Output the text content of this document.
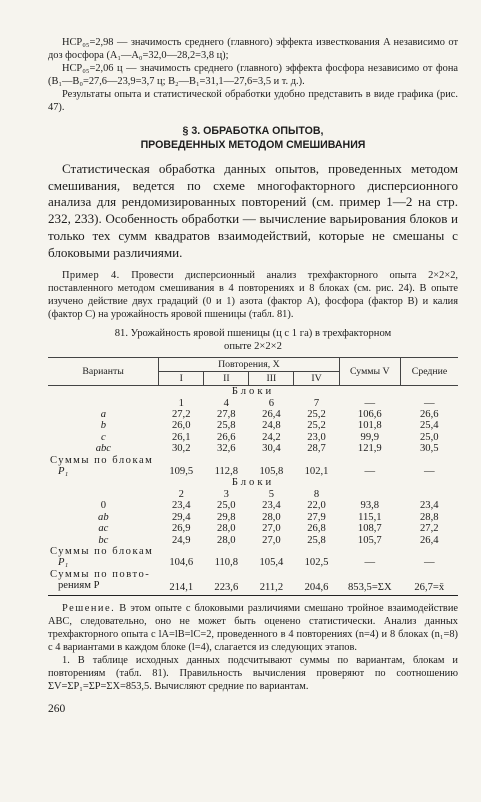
НСР₀₅=2,98 — значимость среднего (главного) эффекта известкования A независимо от доз фосфора (A₁—A₀=32,0—28,2=3,8 ц);

НСР₀₅=2,06 ц — значимость среднего (главного) эффекта фосфора независимо от фона (B₁—B₀=27,6—23,9=3,7 ц; B₂—B₁=31,1—27,6=3,5 и т. д.).

Результаты опыта и статистической обработки удобно представить в виде графика (рис. 47).

§ 3. ОБРАБОТКА ОПЫТОВ,
ПРОВЕДЕННЫХ МЕТОДОМ СМЕШИВАНИЯ

Статистическая обработка данных опытов, проведенных методом смешивания, ведется по схеме многофакторного дисперсионного анализа для рендомизированных повторений (см. пример 1—2 на стр. 232, 233). Особенность обработки — вычисление варьирования блоков и только тех сумм квадратов взаимодействий, которые не смешаны с блоковыми различиями.

Пример 4. Провести дисперсионный анализ трехфакторного опыта 2×2×2, поставленного методом смешивания в 4 повторениях и 8 блоках (см. рис. 24). В опыте изучено действие двух градаций (0 и 1) азота (фактор A), фосфора (фактор B) и калия (фактор C) на урожайность яровой пшеницы (табл. 81).

81. Урожайность яровой пшеницы (ц с 1 га) в трехфакторном
опыте 2×2×2
Варианты	Повторения, X				Суммы V	Средние
	I	II	III	IV		
Блоки						
	1	4	6	7	—	—
a	27,2	27,8	26,4	25,2	106,6	26,6
b	26,0	25,8	24,8	25,2	101,8	25,4
c	26,1	26,6	24,2	23,0	99,9	25,0
abc	30,2	32,6	30,4	28,7	121,9	30,5
Суммы по блокам						
P₁	109,5	112,8	105,8	102,1	—	—
Блоки						
	2	3	5	8		
0	23,4	25,0	23,4	22,0	93,8	23,4
ab	29,4	29,8	28,0	27,9	115,1	28,8
ac	26,9	28,0	27,0	26,8	108,7	27,2
bc	24,9	28,0	27,0	25,8	105,7	26,4
Суммы по блокам						
P₁	104,6	110,8	105,4	102,5	—	—
Суммы по повто-						
рениям P	214,1	223,6	211,2	204,6	853,5=ΣX	26,7=x̄

Решение. В этом опыте с блоковыми различиями смешано тройное взаимодействие ABC, следовательно, оно не может быть оценено статистически. Анализ данных трехфакторного опыта с lA=lB=lC=2, проведенного в 4 повторениях (n=4) и 8 блоках (n₁=8) с 4 вариантами в каждом блоке (l=4), слагается из следующих этапов.

1. В таблице исходных данных подсчитывают суммы по вариантам, блокам и повторениям (табл. 81). Правильность вычисления проверяют по соотношению ΣV=ΣP₁=ΣP=ΣX=853,5. Вычисляют средние по вариантам.

260
